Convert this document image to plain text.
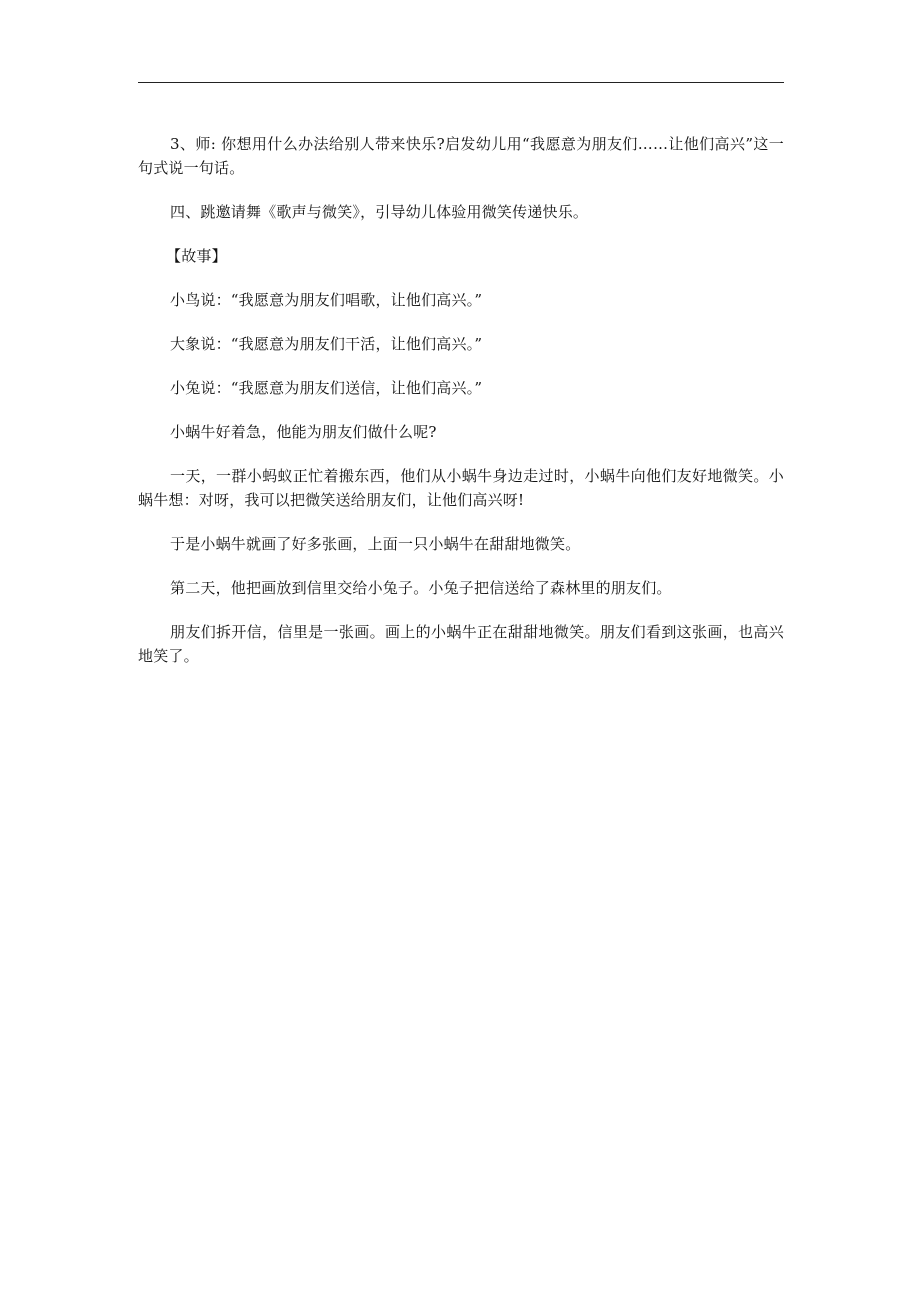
3、师: 你想用什么办法给别人带来快乐?启发幼儿用“我愿意为朋友们……让他们高兴”这一句式说一句话。

四、跳邀请舞《歌声与微笑》，引导幼儿体验用微笑传递快乐。

【故事】

小鸟说：“我愿意为朋友们唱歌，让他们高兴。”

大象说：“我愿意为朋友们干活，让他们高兴。”

小兔说：“我愿意为朋友们送信，让他们高兴。”

小蜗牛好着急，他能为朋友们做什么呢?

一天，一群小蚂蚁正忙着搬东西，他们从小蜗牛身边走过时，小蜗牛向他们友好地微笑。小蜗牛想：对呀，我可以把微笑送给朋友们，让他们高兴呀!

于是小蜗牛就画了好多张画，上面一只小蜗牛在甜甜地微笑。

第二天，他把画放到信里交给小兔子。小兔子把信送给了森林里的朋友们。

朋友们拆开信，信里是一张画。画上的小蜗牛正在甜甜地微笑。朋友们看到这张画，也高兴地笑了。
